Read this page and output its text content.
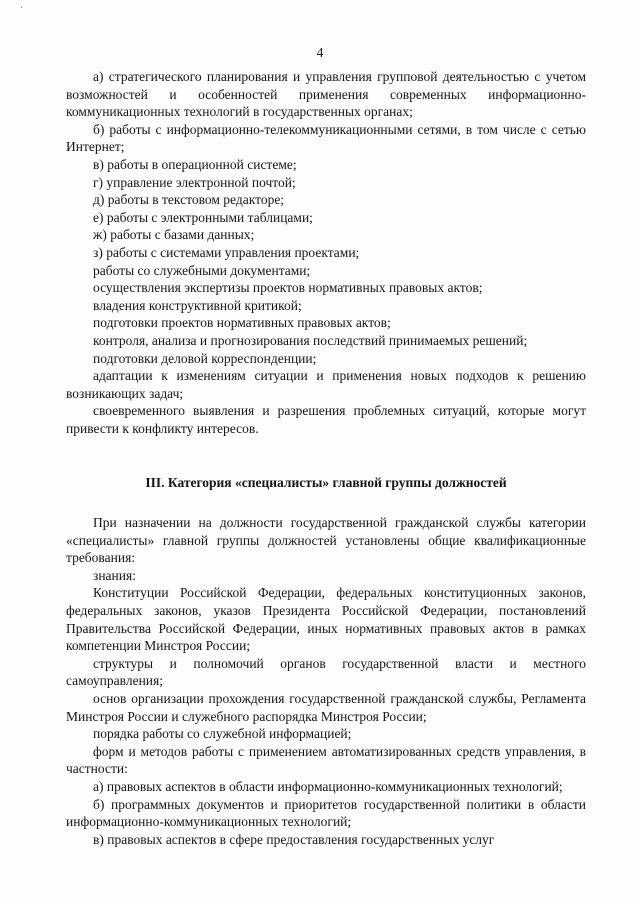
·
4

а) стратегического планирования и управления групповой деятельностью с учетом возможностей и особенностей применения современных информационно-коммуникационных технологий в государственных органах;

б) работы с информационно-телекоммуникационными сетями, в том числе с сетью Интернет;

в) работы в операционной системе;

г) управление электронной почтой;

д) работы в текстовом редакторе;

е) работы с электронными таблицами;

ж) работы с базами данных;

з) работы с системами управления проектами;

работы со служебными документами;

осуществления экспертизы проектов нормативных правовых актов;

владения конструктивной критикой;

подготовки проектов нормативных правовых актов;

контроля, анализа и прогнозирования последствий принимаемых решений;

подготовки деловой корреспонденции;

адаптации к изменениям ситуации и применения новых подходов к решению возникающих задач;

своевременного выявления и разрешения проблемных ситуаций, которые могут привести к конфликту интересов.

III. Категория «специалисты» главной группы должностей

При назначении на должности государственной гражданской службы категории «специалисты» главной группы должностей установлены общие квалификационные требования:

знания:

Конституции Российской Федерации, федеральных конституционных законов, федеральных законов, указов Президента Российской Федерации, постановлений Правительства Российской Федерации, иных нормативных правовых актов в рамках компетенции Минстроя России;

структуры и полномочий органов государственной власти и местного самоуправления;

основ организации прохождения государственной гражданской службы, Регламента Минстроя России и служебного распорядка Минстроя России;

порядка работы со служебной информацией;

форм и методов работы с применением автоматизированных средств управления, в частности:

а) правовых аспектов в области информационно-коммуникационных технологий;

б) программных документов и приоритетов государственной политики в области информационно-коммуникационных технологий;

в) правовых аспектов в сфере предоставления государственных услуг
